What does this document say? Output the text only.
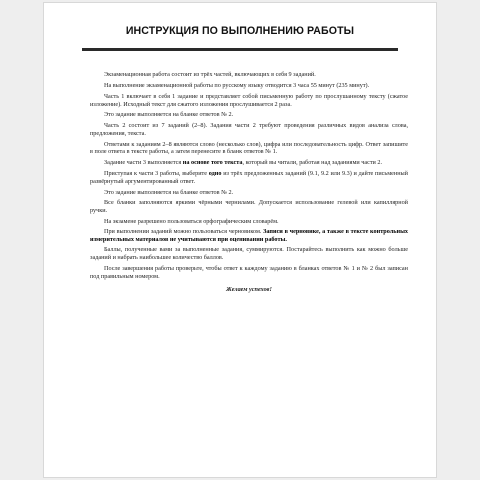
ИНСТРУКЦИЯ ПО ВЫПОЛНЕНИЮ РАБОТЫ

Экзаменационная работа состоит из трёх частей, включающих в себя 9 заданий.

На выполнение экзаменационной работы по русскому языку отводится 3 часа 55 минут (235 минут).

Часть 1 включает в себя 1 задание и представляет собой письменную работу по прослушанному тексту (сжатое изложение). Исходный текст для сжатого изложения прослушивается 2 раза.

Это задание выполняется на бланке ответов № 2.

Часть 2 состоит из 7 заданий (2–8). Задания части 2 требуют проведения различных видов анализа слова, предложения, текста.

Ответами к заданиям 2–8 являются слово (несколько слов), цифра или последовательность цифр. Ответ запишите в поле ответа в тексте работы, а затем перенесите в бланк ответов № 1.

Задание части 3 выполняется на основе того текста, который вы читали, работая над заданиями части 2.

Приступая к части 3 работы, выберите одно из трёх предложенных заданий (9.1, 9.2 или 9.3) и дайте письменный развёрнутый аргументированный ответ.

Это задание выполняется на бланке ответов № 2.

Все бланки заполняются яркими чёрными чернилами. Допускается использование гелевой или капиллярной ручки.

На экзамене разрешено пользоваться орфографическим словарём.

При выполнении заданий можно пользоваться черновиком. Записи в черновике, а также в тексте контрольных измерительных материалов не учитываются при оценивании работы.

Баллы, полученные вами за выполненные задания, суммируются. Постарайтесь выполнить как можно больше заданий и набрать наибольшее количество баллов.

После завершения работы проверьте, чтобы ответ к каждому заданию в бланках ответов № 1 и № 2 был записан под правильным номером.

Желаем успехов!
